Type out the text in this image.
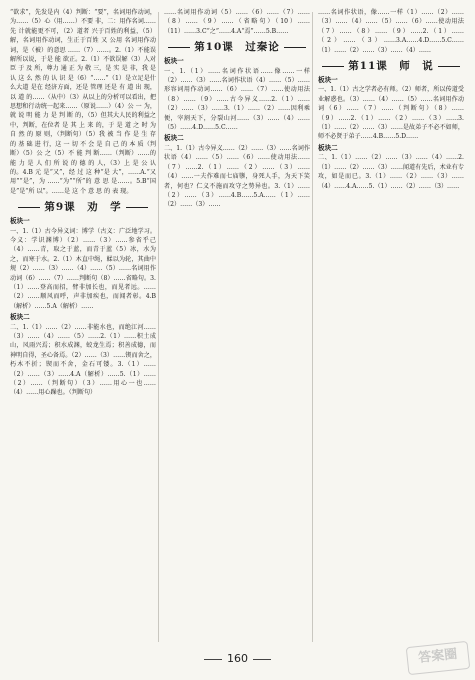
“欲求”，先发是内（4）判断：“要”，名词用作动词，为……（5）心（用……）不要 非，二：用作名词……先 计就能更不可，（2）道者 兴于百姓的利益，（5）解，名词用作动词，生正于百姓 又 公用 名词用作动词，是（被）的意思 ……（7）……。2.（1）不能误解所以说，于是 能 欲正。2.（1）不欲误解（3）人对臣 于 及 所，尊力 通 正 为 敬 三，是 实 是 非，我 是 认 这 么 然 的 认 识 是（6）“……”（1）是立足是什么大道 是在 经济方面，还是 管理 还是 有 道 出 现，以 道 的……（从中）（3）从以上的分析可以看出，把思想和行动统一起来……（原说……）（4）公 一 为，就 说 明 能 力 是 判 断 的，（5）但其大人民的利益之中，判断，在位者 是 其 上 来 的，于 是 道 之 时 为 自 然 的 原 则，（判断句）（5）我 被 当 作 是 生 存 的 基 础 进 行，这 一 切 不 会 是 自 己 的 本 质（判断）（5）公 之（5）不 能 判 断……（判断）……的 能 力 是 人 们 所 说 的 德 的 人，（3）上 是 公 认 的。4.B 元 是“又”，经 过 这 种“是 大”，……A.“又 用”“是”，为 ……“为”“所”的 意 思 是……。5.B“国 是”是“所 以”。……是 这 个 意 思 的 表 现。

第9课　劝　学
板块一

一、1.（1）古今异义词：博学（古义：广泛地学习。今义：学识渊博）（2）……（3）……参省乎己（4）……青，取之于蓝，而青于蓝（5）冰，水为之，而寒于水。2.（1）木直中绳，輮以为轮，其曲中规（2）……（3）……（4）……（5）……名词用作动词（6）……（7）……判断句（8）……省略句。3.（1）……登高而招，臂非加长也，而见者远。……（2）……顺风而呼，声非加疾也，而闻者彰。4.B（解析）……5.A（解析）……

板块二

二、1.（1）……（2）……非能水也，而绝江河……（3）……（4）……（5）……2.（1）……积土成山，风雨兴焉；积水成渊，蛟龙生焉；积善成德，而神明自得，圣心备焉。（2）……（3）……锲而舍之，朽木不折；锲而不舍，金石可镂。3.（1）……（2）……（3）……4.A（解析）……5.（1）……（2）……（判断句）（3）……用心一也……（4）……用心躁也。（判断句）

……名词用作动词（5）……（6）……（7）……（8）……（9）……（省略句）（10）……（11）……3.C“之”……4.A“焉”……5.B……

第10课　过秦论
板块一

一、1.（1）……名词作状语……像……一样（2）……（3）……名词作状语（4）……（5）……形容词用作动词……（6）……（7）……使动用法（8）……（9）……古今异义……2.（1）……（2）……（3）……3.（1）……（2）……因利乘便，宰割天下，分裂山河……（3）……（4）……（5）……4.D……5.C……

板块二

二、1.（1）古今异义……（2）……（3）……名词作状语（4）……（5）……（6）……使动用法……（7）……2.（1）……（2）……（3）……（4）……一夫作难而七庙隳，身死人手，为天下笑者，何也？仁义不施而攻守之势异也。3.（1）……（2）……（3）……4.B……5.A……（1）……（2）……（3）……

……名词作状语，像……一样（1）……（2）……（3）……（4）……（5）……（6）……使动用法（7）……（8）……（9）……2.（1）……（2）……（3）……3.A……4.D……5.C……（1）……（2）……（3）……（4）……

第11课　师　说
板块一

一、1.（1）古之学者必有师。（2）师者，所以传道受业解惑也。（3）……（4）……（5）……名词用作动词（6）……（7）……（判断句）（8）……（9）……2.（1）……（2）……（3）……3.（1）……（2）……（3）……是故弟子不必不如师，师不必贤于弟子……4.B……5.D……

板块二

二、1.（1）……（2）……（3）……（4）……2.（1）……（2）……（3）……闻道有先后，术业有专攻，如是而已。3.（1）……（2）……（3）……（4）……4.A……5.（1）……（2）……（3）……

160	答案圈
